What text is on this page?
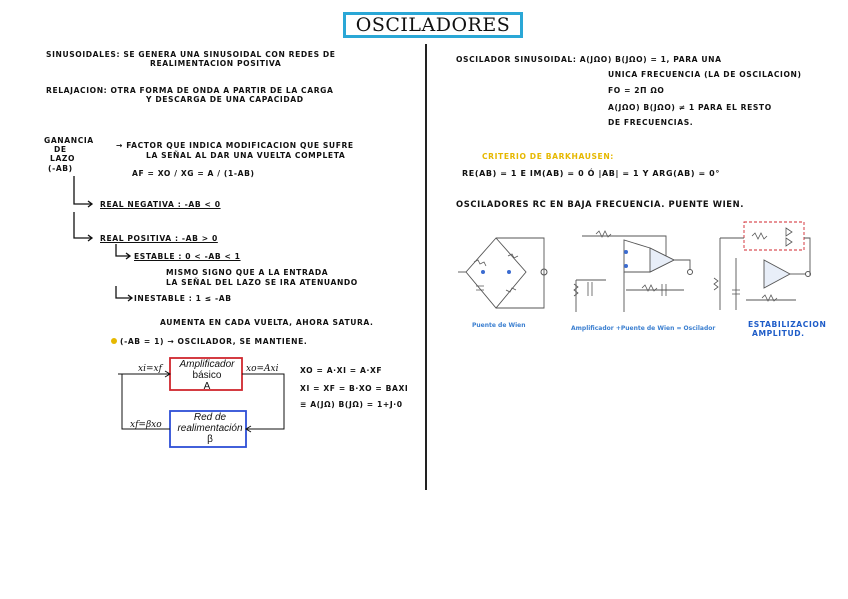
OSCILADORES
SINUSOIDALES: SE GENERA UNA SINUSOIDAL CON REDES DE
REALIMENTACION POSITIVA
RELAJACION: OTRA FORMA DE ONDA A PARTIR DE LA CARGA
Y DESCARGA DE UNA CAPACIDAD
GANANCIA
DE
LAZO
(-AΒ)
→ FACTOR QUE INDICA MODIFICACION QUE SUFRE
LA SEÑAL AL DAR UNA VUELTA COMPLETA
AF = XO / XG = A / (1-AΒ)
REAL NEGATIVA : -AΒ < 0
REAL POSITIVA : -AΒ > 0
ESTABLE : 0 < -AΒ < 1
MISMO SIGNO QUE A LA ENTRADA
LA SEÑAL DEL LAZO SE IRA ATENUANDO
INESTABLE : 1 ≤ -AΒ
AUMENTA EN CADA VUELTA, AHORA SATURA.
(-AΒ = 1) → OSCILADOR, SE MANTIENE.
Amplificador
básico
A
Red de
realimentación
β
xi=xf	xo=Axi
xf=βxo
XO = A·XI = A·XF
XI = XF = Β·XO = ΒAXI
≡ A(JΩ) Β(JΩ) = 1+J·0
OSCILADOR SINUSOIDAL: A(JΩO) Β(JΩO) = 1, PARA UNA
UNICA FRECUENCIA (LA DE OSCILACION)
FO = 2Π ΩO
A(JΩO) Β(JΩO) ≠ 1 PARA EL RESTO
DE FRECUENCIAS.
CRITERIO DE BARKHAUSEN:
RE(AΒ) = 1 E IM(AΒ) = 0 Ó |AΒ| = 1 Y ARG(AΒ) = 0°
OSCILADORES RC EN BAJA FRECUENCIA. PUENTE WIEN.
Puente de Wien	Amplificador +Puente de Wien = Oscilador	ESTABILIZACION
AMPLITUD.
